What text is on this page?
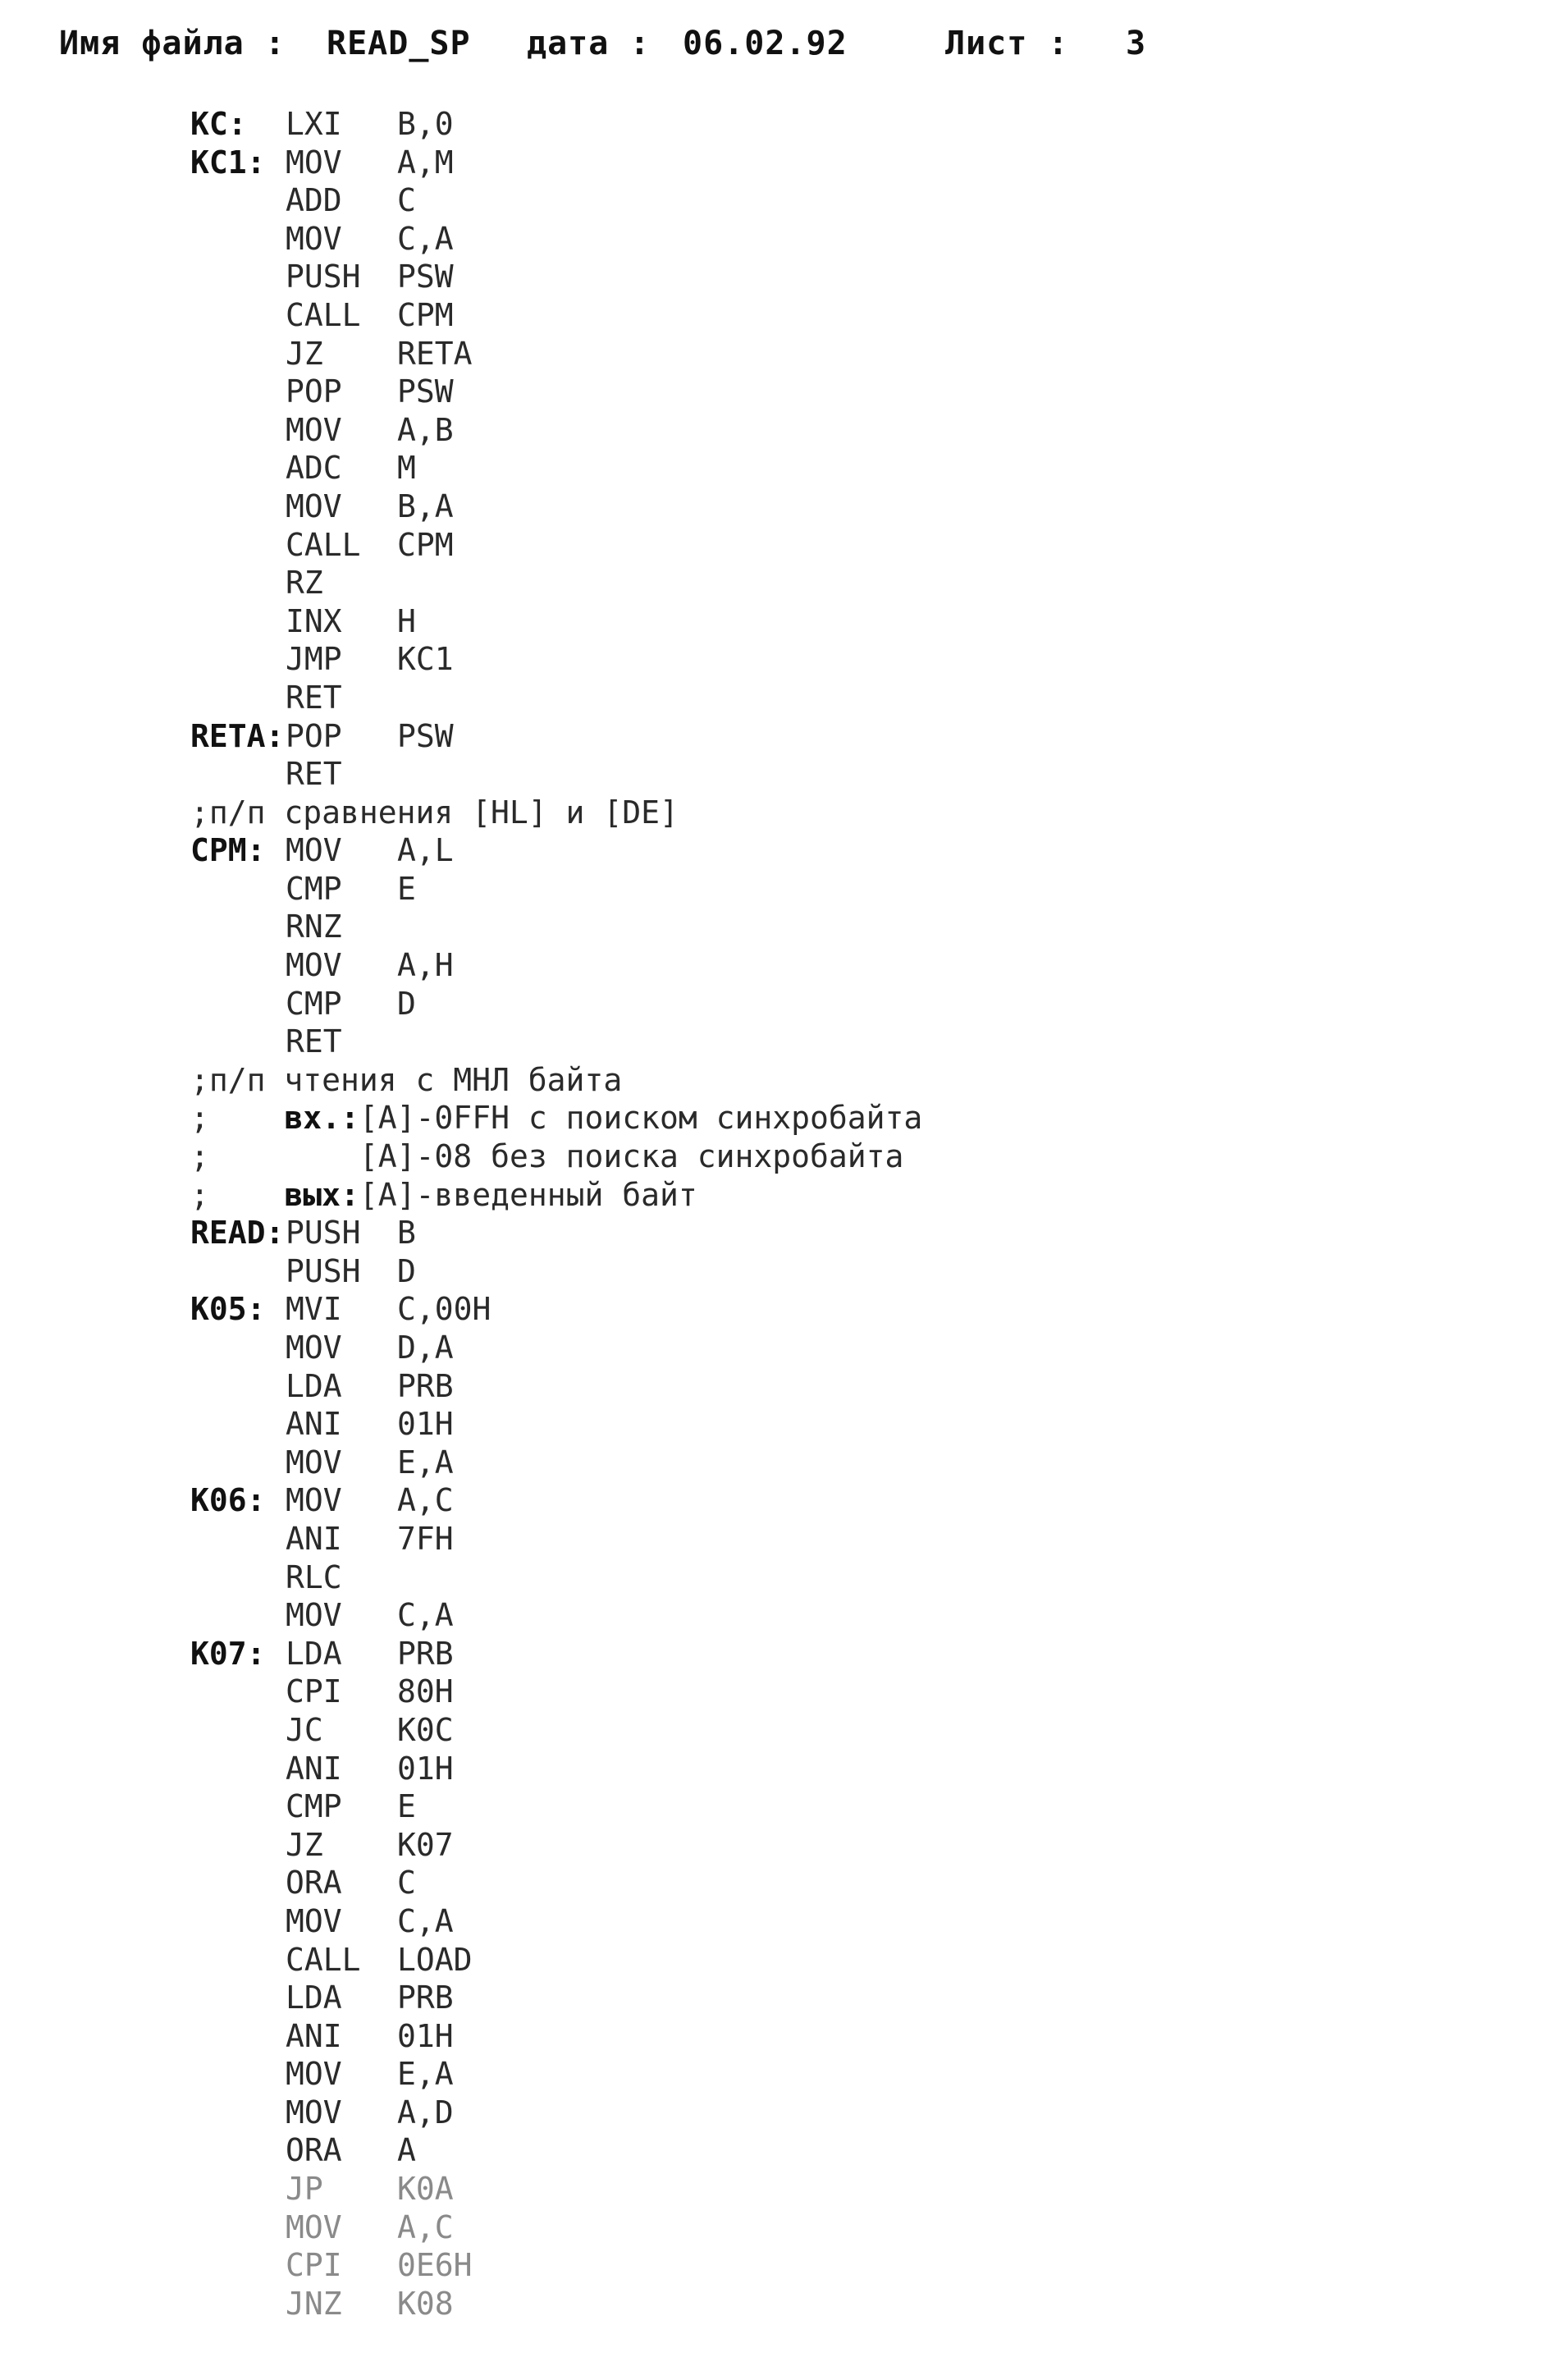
Имя файла :

READ_SP

дата :

06.02.92

	Лист :

3

KC:	LXI	B,0
KC1: MOV	A,M
ADD	C
MOV	C,A
PUSH	PSW
CALL	CPM
JZ	RETA
POP	PSW
MOV	A,B
ADC	M
MOV	B,A
CALL	CPM
RZ
INX	H
JMP	KC1
RET
RETA: POP	PSW
RET
;п/п сравнения [HL] и [DE]
CPM: MOV	A,L
CMP	E
RNZ
MOV	A,H
CMP	D
RET
;п/п чтения с МНЛ байта
; вх.:[A]-0FFH с поиском синхробайта
;        [A]-08 без поиска синхробайта
; вых:[A]-введенный байт
READ: PUSH	B
PUSH	D
K05: MVI	C,00H
MOV	D,A
LDA	PRB
ANI	01H
MOV	E,A
K06: MOV	A,C
ANI	7FH
RLC
MOV	C,A
K07: LDA	PRB
CPI	80H
JC	K0C
ANI	01H
CMP	E
JZ	K07
ORA	C
MOV	C,A
CALL	LOAD
LDA	PRB
ANI	01H
MOV	E,A
MOV	A,D
ORA	A
JP	K0A
MOV	A,C
CPI	0E6H
JNZ	K08
